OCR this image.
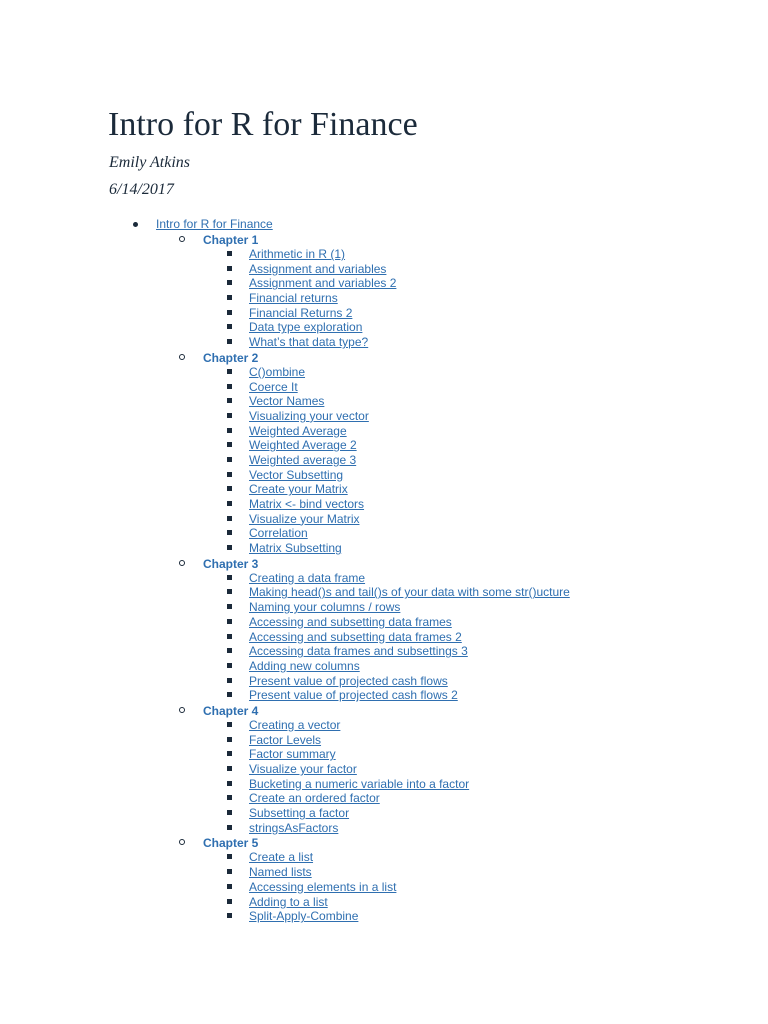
Intro for R for Finance

Emily Atkins

6/14/2017

Intro for R for Finance
Chapter 1
Arithmetic in R (1)
Assignment and variables
Assignment and variables 2
Financial returns
Financial Returns 2
Data type exploration
What’s that data type?
Chapter 2
C()ombine
Coerce It
Vector Names
Visualizing your vector
Weighted Average
Weighted Average 2
Weighted average 3
Vector Subsetting
Create your Matrix
Matrix <- bind vectors
Visualize your Matrix
Correlation
Matrix Subsetting
Chapter 3
Creating a data frame
Making head()s and tail()s of your data with some str()ucture
Naming your columns / rows
Accessing and subsetting data frames
Accessing and subsetting data frames 2
Accessing data frames and subsettings 3
Adding new columns
Present value of projected cash flows
Present value of projected cash flows 2
Chapter 4
Creating a vector
Factor Levels
Factor summary
Visualize your factor
Bucketing a numeric variable into a factor
Create an ordered factor
Subsetting a factor
stringsAsFactors
Chapter 5
Create a list
Named lists
Accessing elements in a list
Adding to a list
Split-Apply-Combine
